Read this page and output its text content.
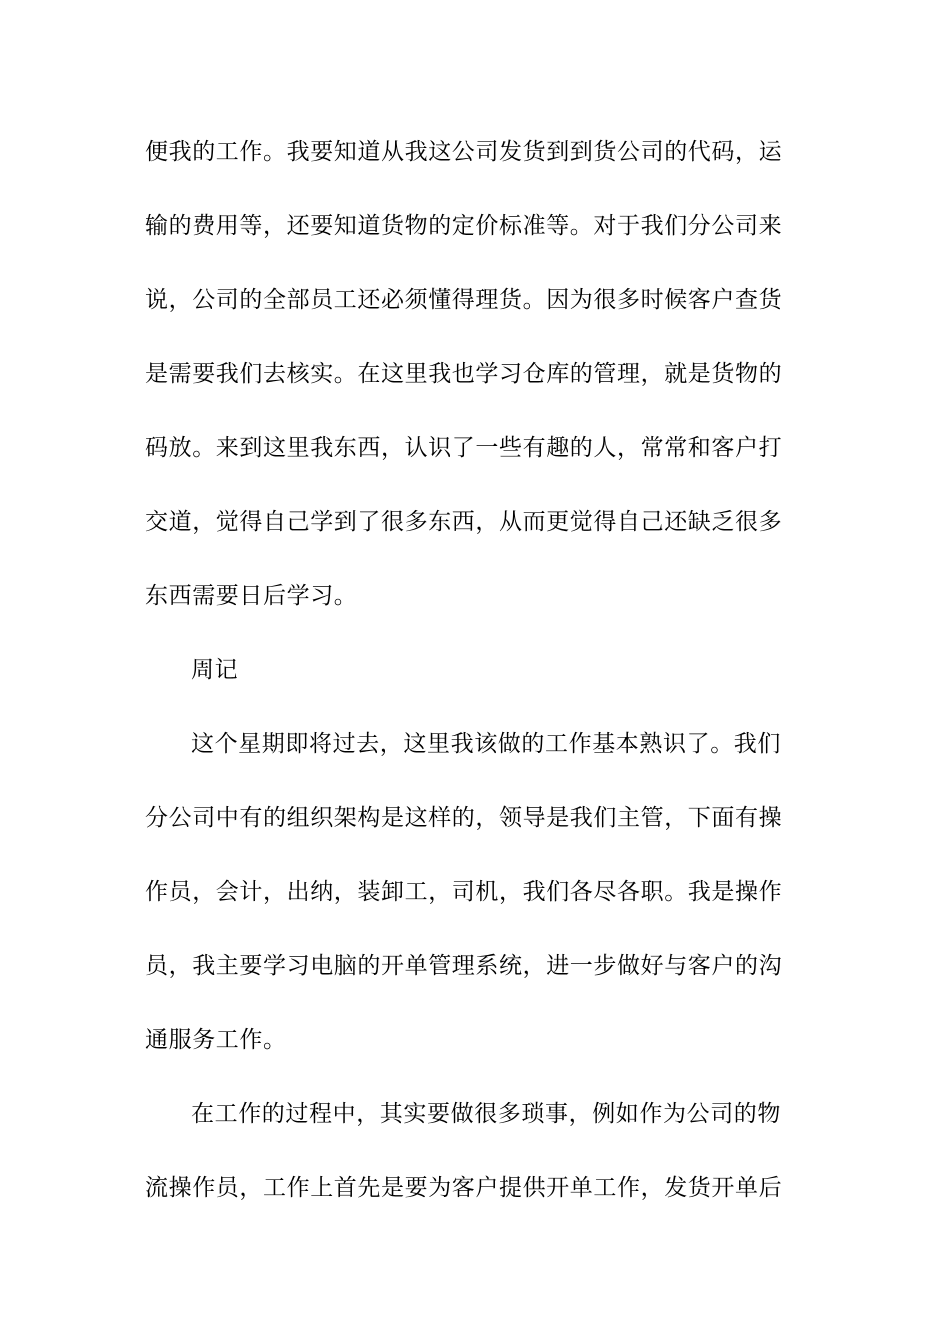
便我的工作。我要知道从我这公司发货到到货公司的代码，运
输的费用等，还要知道货物的定价标准等。对于我们分公司来
说，公司的全部员工还必须懂得理货。因为很多时候客户查货
是需要我们去核实。在这里我也学习仓库的管理，就是货物的
码放。来到这里我东西，认识了一些有趣的人，常常和客户打
交道，觉得自己学到了很多东西，从而更觉得自己还缺乏很多
东西需要日后学习。
周记
这个星期即将过去，这里我该做的工作基本熟识了。我们
分公司中有的组织架构是这样的，领导是我们主管，下面有操
作员，会计，出纳，装卸工，司机，我们各尽各职。我是操作
员，我主要学习电脑的开单管理系统，进一步做好与客户的沟
通服务工作。
在工作的过程中，其实要做很多琐事，例如作为公司的物
流操作员，工作上首先是要为客户提供开单工作，发货开单后
